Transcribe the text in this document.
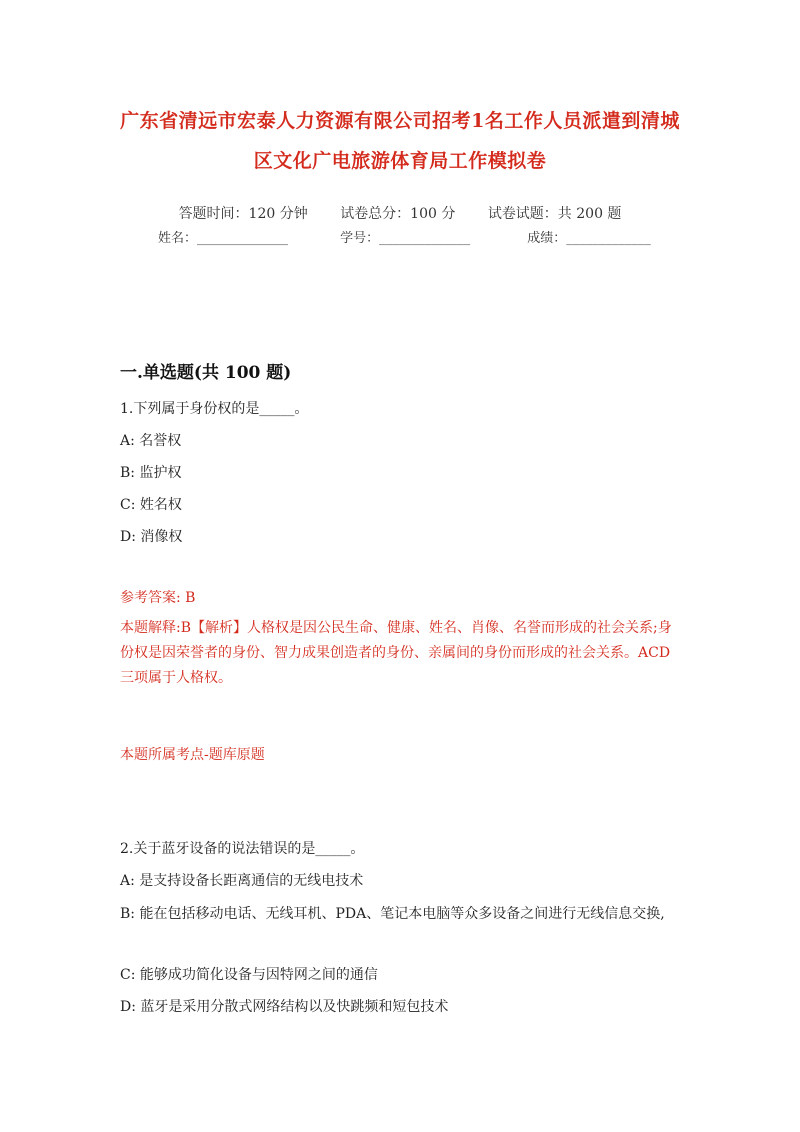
广东省清远市宏泰人力资源有限公司招考1名工作人员派遣到清城
区文化广电旅游体育局工作模拟卷
答题时间：120 分钟 试卷总分：100 分 试卷试题：共 200 题
姓名：______________	学号：______________	成绩：_____________
一.单选题(共 100 题)
1.下列属于身份权的是_____。
A: 名誉权
B: 监护权
C: 姓名权
D: 消像权
参考答案: B
本题解释:B【解析】人格权是因公民生命、健康、姓名、肖像、名誉而形成的社会关系;身份权是因荣誉者的身份、智力成果创造者的身份、亲属间的身份而形成的社会关系。ACD 三项属于人格权。
本题所属考点-题库原题
2.关于蓝牙设备的说法错误的是_____。
A: 是支持设备长距离通信的无线电技术
B: 能在包括移动电话、无线耳机、PDA、笔记本电脑等众多设备之间进行无线信息交换,
C: 能够成功简化设备与因特网之间的通信
D: 蓝牙是采用分散式网络结构以及快跳频和短包技术
